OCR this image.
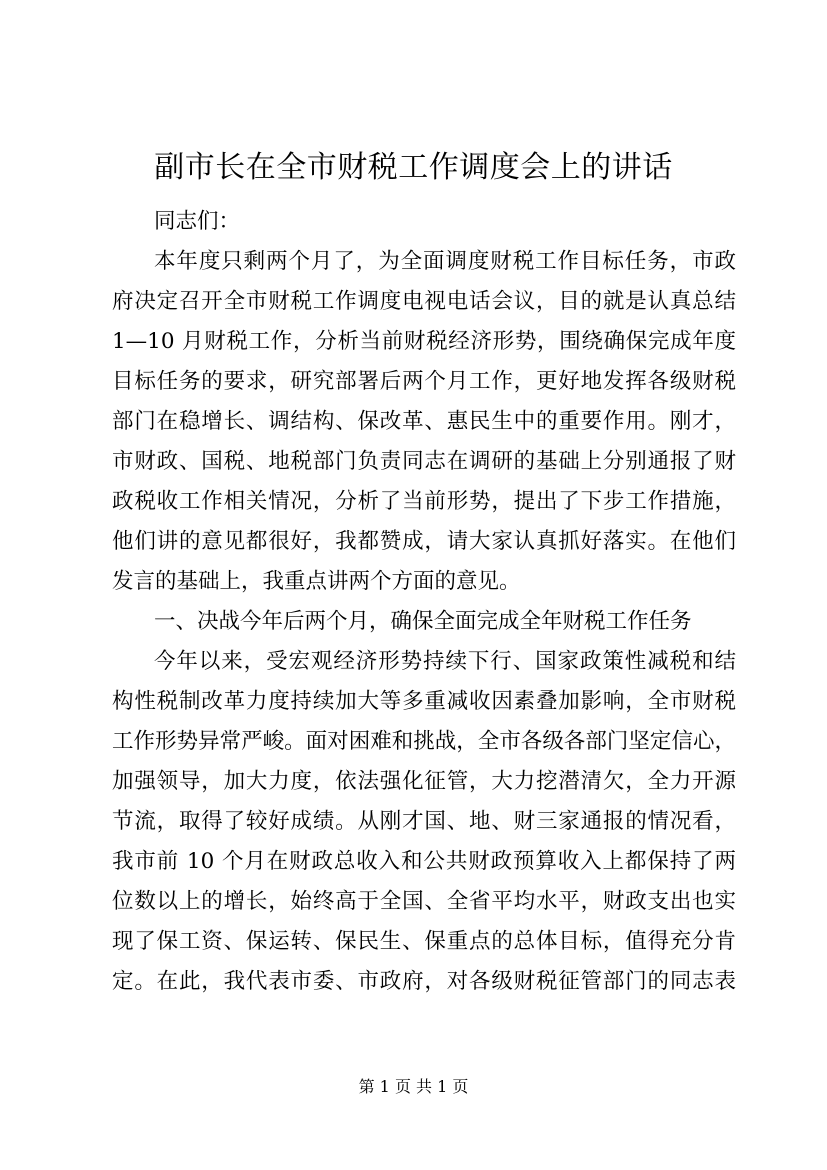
副市长在全市财税工作调度会上的讲话

同志们：

本年度只剩两个月了，为全面调度财税工作目标任务，市政

府决定召开全市财税工作调度电视电话会议，目的就是认真总结

1—10 月财税工作，分析当前财税经济形势，围绕确保完成年度

目标任务的要求，研究部署后两个月工作，更好地发挥各级财税

部门在稳增长、调结构、保改革、惠民生中的重要作用。刚才，

市财政、国税、地税部门负责同志在调研的基础上分别通报了财

政税收工作相关情况，分析了当前形势，提出了下步工作措施，

他们讲的意见都很好，我都赞成，请大家认真抓好落实。在他们

发言的基础上，我重点讲两个方面的意见。

一、决战今年后两个月，确保全面完成全年财税工作任务

今年以来，受宏观经济形势持续下行、国家政策性减税和结

构性税制改革力度持续加大等多重减收因素叠加影响，全市财税

工作形势异常严峻。面对困难和挑战，全市各级各部门坚定信心，

加强领导，加大力度，依法强化征管，大力挖潜清欠，全力开源

节流，取得了较好成绩。从刚才国、地、财三家通报的情况看，

我市前 10 个月在财政总收入和公共财政预算收入上都保持了两

位数以上的增长，始终高于全国、全省平均水平，财政支出也实

现了保工资、保运转、保民生、保重点的总体目标，值得充分肯

定。在此，我代表市委、市政府，对各级财税征管部门的同志表

第 1 页 共 1 页
